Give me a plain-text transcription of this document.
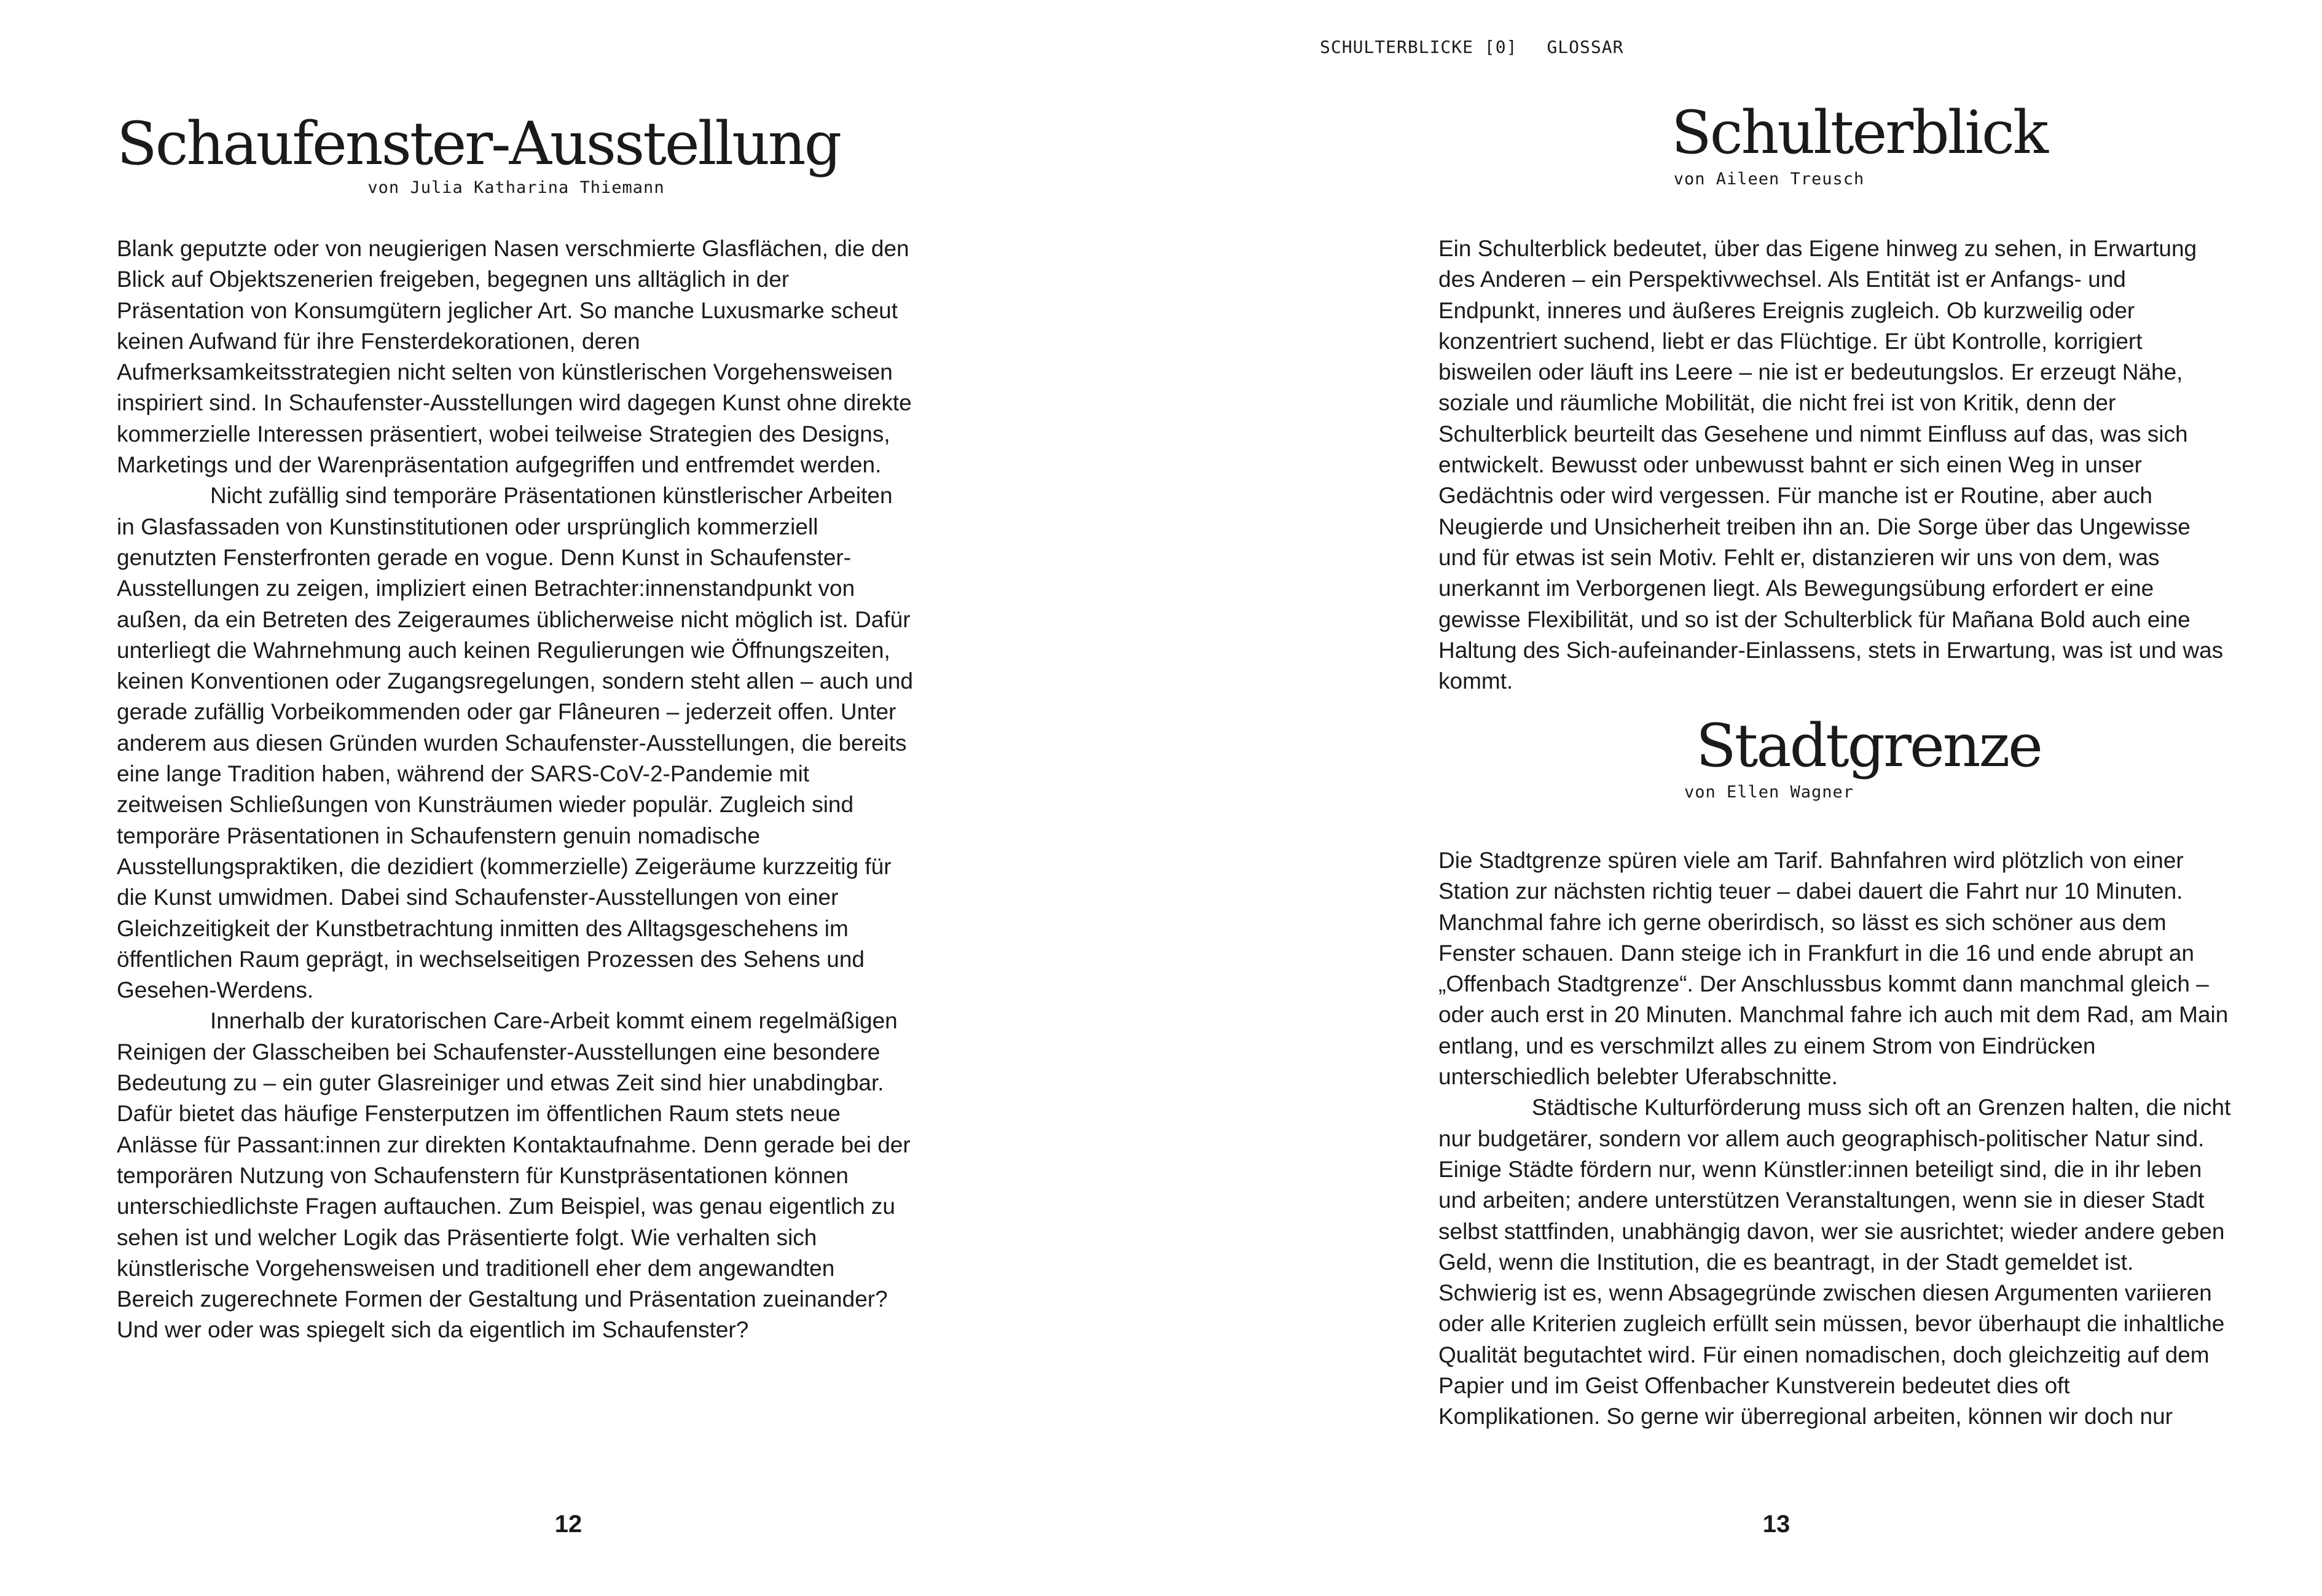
SCHULTERBLICKE [0] GLOSSAR
Schaufenster-Ausstellung
von Julia Katharina Thiemann

Blank geputzte oder von neugierigen Nasen verschmierte Glasflächen, die den Blick auf Objektszenerien freigeben, begegnen uns alltäglich in der Präsentation von Konsumgütern jeglicher Art. So manche Luxusmarke scheut keinen Aufwand für ihre Fensterdekorationen, deren Aufmerksamkeitsstrategien nicht selten von künstlerischen Vorgehensweisen inspiriert sind. In Schaufenster-Ausstellungen wird dagegen Kunst ohne direkte kommerzielle Interessen präsentiert, wobei teilweise Strategien des Designs, Marketings und der Warenpräsentation aufgegriffen und entfremdet werden.

Nicht zufällig sind temporäre Präsentationen künstlerischer Arbeiten in Glasfassaden von Kunstinstitutionen oder ursprünglich kommerziell genutzten Fensterfronten gerade en vogue. Denn Kunst in Schaufenster-Ausstellungen zu zeigen, impliziert einen Betrachter:innenstandpunkt von außen, da ein Betreten des Zeigeraumes üblicherweise nicht möglich ist. Dafür unterliegt die Wahrnehmung auch keinen Regulierungen wie Öffnungszeiten, keinen Konventionen oder Zugangsregelungen, sondern steht allen – auch und gerade zufällig Vorbeikommenden oder gar Flâneuren – jederzeit offen. Unter anderem aus diesen Gründen wurden Schaufenster-Ausstellungen, die bereits eine lange Tradition haben, während der SARS-CoV-2-Pandemie mit zeitweisen Schließungen von Kunsträumen wieder populär. Zugleich sind temporäre Präsentationen in Schaufenstern genuin nomadische Ausstellungspraktiken, die dezidiert (kommerzielle) Zeigeräume kurzzeitig für die Kunst umwidmen. Dabei sind Schaufenster-Ausstellungen von einer Gleichzeitigkeit der Kunstbetrachtung inmitten des Alltagsgeschehens im öffentlichen Raum geprägt, in wechselseitigen Prozessen des Sehens und Gesehen-Werdens.

Innerhalb der kuratorischen Care-Arbeit kommt einem regelmäßigen Reinigen der Glasscheiben bei Schaufenster-Ausstellungen eine besondere Bedeutung zu – ein guter Glasreiniger und etwas Zeit sind hier unabdingbar. Dafür bietet das häufige Fensterputzen im öffentlichen Raum stets neue Anlässe für Passant:innen zur direkten Kontaktaufnahme. Denn gerade bei der temporären Nutzung von Schaufenstern für Kunstpräsentationen können unterschiedlichste Fragen auftauchen. Zum Beispiel, was genau eigentlich zu sehen ist und welcher Logik das Präsentierte folgt. Wie verhalten sich künstlerische Vorgehensweisen und traditionell eher dem angewandten Bereich zugerechnete Formen der Gestaltung und Präsentation zueinander? Und wer oder was spiegelt sich da eigentlich im Schaufenster?

12
Schulterblick
von Aileen Treusch

Ein Schulterblick bedeutet, über das Eigene hinweg zu sehen, in Erwartung des Anderen – ein Perspektivwechsel. Als Entität ist er Anfangs- und Endpunkt, inneres und äußeres Ereignis zugleich. Ob kurzweilig oder konzentriert suchend, liebt er das Flüchtige. Er übt Kontrolle, korrigiert bisweilen oder läuft ins Leere – nie ist er bedeutungslos. Er erzeugt Nähe, soziale und räumliche Mobilität, die nicht frei ist von Kritik, denn der Schulterblick beurteilt das Gesehene und nimmt Einfluss auf das, was sich entwickelt. Bewusst oder unbewusst bahnt er sich einen Weg in unser Gedächtnis oder wird vergessen. Für manche ist er Routine, aber auch Neugierde und Unsicherheit treiben ihn an. Die Sorge über das Ungewisse und für etwas ist sein Motiv. Fehlt er, distanzieren wir uns von dem, was unerkannt im Verborgenen liegt. Als Bewegungsübung erfordert er eine gewisse Flexibilität, und so ist der Schulterblick für Mañana Bold auch eine Haltung des Sich-aufeinander-Einlassens, stets in Erwartung, was ist und was kommt.

Stadtgrenze
von Ellen Wagner

Die Stadtgrenze spüren viele am Tarif. Bahnfahren wird plötzlich von einer Station zur nächsten richtig teuer – dabei dauert die Fahrt nur 10 Minuten. Manchmal fahre ich gerne oberirdisch, so lässt es sich schöner aus dem Fenster schauen. Dann steige ich in Frankfurt in die 16 und ende abrupt an „Offenbach Stadtgrenze“. Der Anschlussbus kommt dann manchmal gleich – oder auch erst in 20 Minuten. Manchmal fahre ich auch mit dem Rad, am Main entlang, und es verschmilzt alles zu einem Strom von Eindrücken unterschiedlich belebter Uferabschnitte.

Städtische Kulturförderung muss sich oft an Grenzen halten, die nicht nur budgetärer, sondern vor allem auch geographisch-politischer Natur sind. Einige Städte fördern nur, wenn Künstler:innen beteiligt sind, die in ihr leben und arbeiten; andere unterstützen Veranstaltungen, wenn sie in dieser Stadt selbst stattfinden, unabhängig davon, wer sie ausrichtet; wieder andere geben Geld, wenn die Institution, die es beantragt, in der Stadt gemeldet ist. Schwierig ist es, wenn Absagegründe zwischen diesen Argumenten variieren oder alle Kriterien zugleich erfüllt sein müssen, bevor überhaupt die inhaltliche Qualität begutachtet wird. Für einen nomadischen, doch gleichzeitig auf dem Papier und im Geist Offenbacher Kunstverein bedeutet dies oft Komplikationen. So gerne wir überregional arbeiten, können wir doch nur

13
